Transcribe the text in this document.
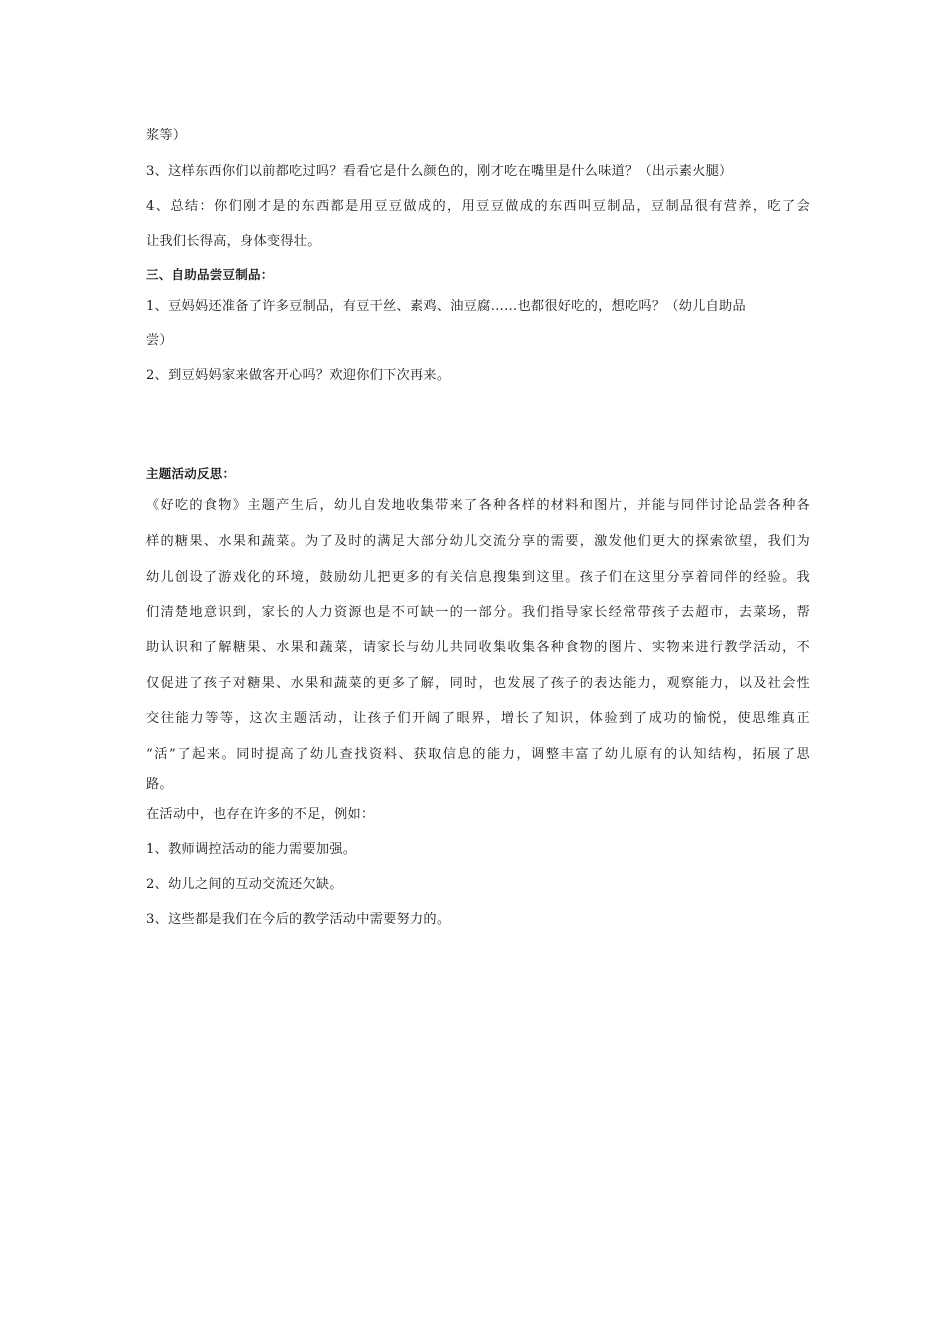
浆等）
3、这样东西你们以前都吃过吗？看看它是什么颜色的，刚才吃在嘴里是什么味道？（出示素火腿）
4、总结：你们刚才是的东西都是用豆豆做成的，用豆豆做成的东西叫豆制品，豆制品很有营养，吃了会
让我们长得高，身体变得壮。
三、自助品尝豆制品：
1、豆妈妈还准备了许多豆制品，有豆干丝、素鸡、油豆腐……也都很好吃的，想吃吗？（幼儿自助品
尝）
2、到豆妈妈家来做客开心吗？欢迎你们下次再来。
主题活动反思：
《好吃的食物》主题产生后，幼儿自发地收集带来了各种各样的材料和图片，并能与同伴讨论品尝各种各
样的糖果、水果和蔬菜。为了及时的满足大部分幼儿交流分享的需要，激发他们更大的探索欲望，我们为
幼儿创设了游戏化的环境，鼓励幼儿把更多的有关信息搜集到这里。孩子们在这里分享着同伴的经验。我
们清楚地意识到，家长的人力资源也是不可缺一的一部分。我们指导家长经常带孩子去超市，去菜场，帮
助认识和了解糖果、水果和蔬菜，请家长与幼儿共同收集收集各种食物的图片、实物来进行教学活动，不
仅促进了孩子对糖果、水果和蔬菜的更多了解，同时，也发展了孩子的表达能力，观察能力，以及社会性
交往能力等等，这次主题活动，让孩子们开阔了眼界，增长了知识，体验到了成功的愉悦，使思维真正
“活”了起来。同时提高了幼儿查找资料、获取信息的能力，调整丰富了幼儿原有的认知结构，拓展了思
路。
在活动中，也存在许多的不足，例如：
1、教师调控活动的能力需要加强。
2、幼儿之间的互动交流还欠缺。
3、这些都是我们在今后的教学活动中需要努力的。
